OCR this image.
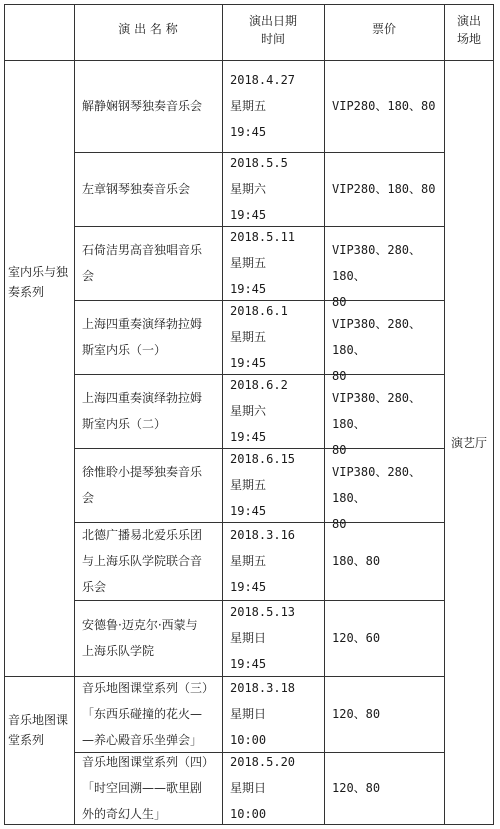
演 出 名 称
演出日期
时间
票价
演出
场地
室内乐与独
奏系列
音乐地图课
堂系列
演艺厅
解静娴钢琴独奏音乐会
2018.4.27
星期五
19:45
VIP280、180、80
左章钢琴独奏音乐会
2018.5.5
星期六
19:45
VIP280、180、80
石倚洁男高音独唱音乐
会
2018.5.11
星期五
19:45
VIP380、280、180、
80
上海四重奏演绎勃拉姆
斯室内乐（一）
2018.6.1
星期五
19:45
VIP380、280、180、
80
上海四重奏演绎勃拉姆
斯室内乐（二）
2018.6.2
星期六
19:45
VIP380、280、180、
80
徐惟聆小提琴独奏音乐
会
2018.6.15
星期五
19:45
VIP380、280、180、
80
北德广播易北爱乐乐团
与上海乐队学院联合音
乐会
2018.3.16
星期五
19:45
180、80
安德鲁·迈克尔·西蒙与
上海乐队学院
2018.5.13
星期日
19:45
120、60
音乐地图课堂系列（三）
「东西乐碰撞的花火—
—养心殿音乐坐弹会」
2018.3.18
星期日
10:00
120、80
音乐地图课堂系列（四）
「时空回溯——歌里剧
外的奇幻人生」
2018.5.20
星期日
10:00
120、80
